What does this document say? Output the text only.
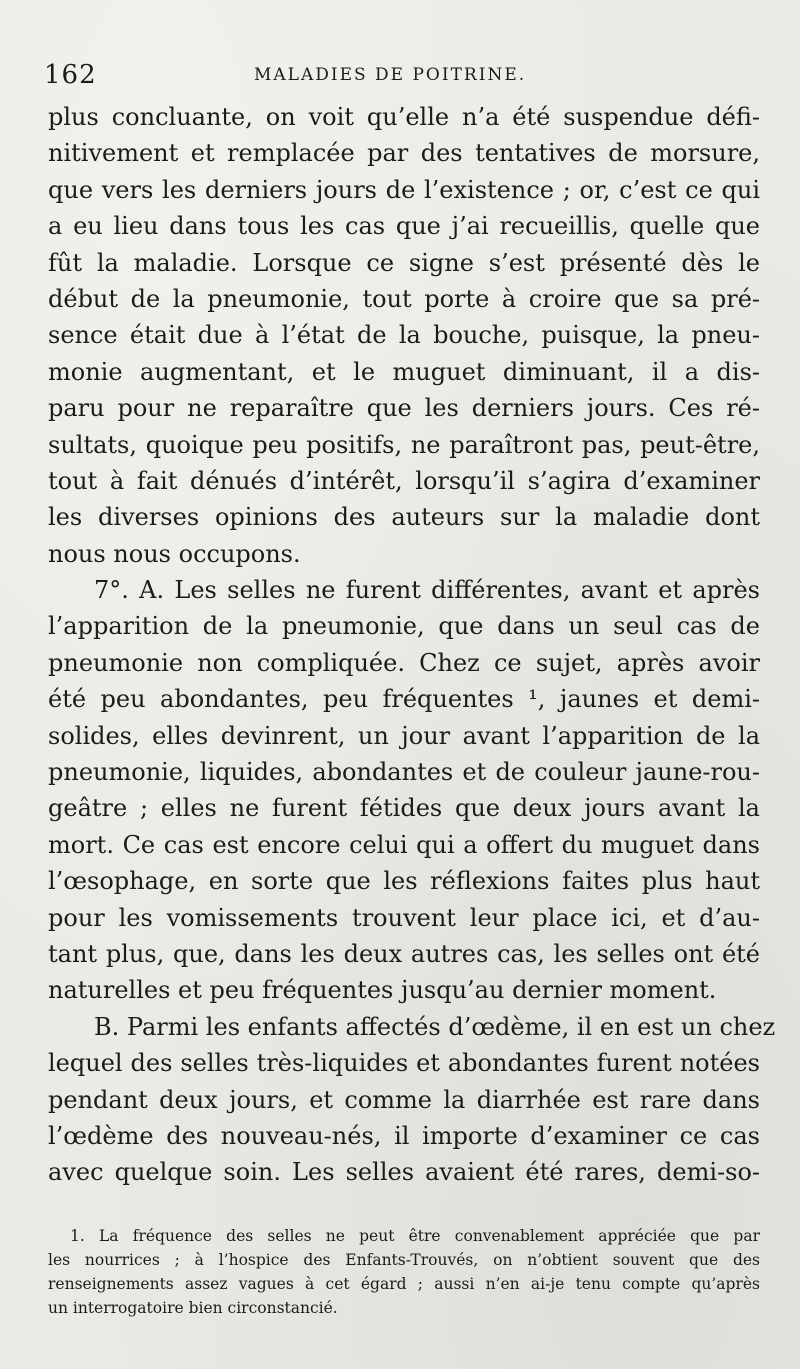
162	MALADIES DE POITRINE.
plus concluante, on voit qu’elle n’a été suspendue défi-
nitivement et remplacée par des tentatives de morsure,
que vers les derniers jours de l’existence ; or, c’est ce qui
a eu lieu dans tous les cas que j’ai recueillis, quelle que
fût la maladie. Lorsque ce signe s’est présenté dès le
début de la pneumonie, tout porte à croire que sa pré-
sence était due à l’état de la bouche, puisque, la pneu-
monie augmentant, et le muguet diminuant, il a dis-
paru pour ne reparaître que les derniers jours. Ces ré-
sultats, quoique peu positifs, ne paraîtront pas, peut-être,
tout à fait dénués d’intérêt, lorsqu’il s’agira d’examiner
les diverses opinions des auteurs sur la maladie dont
nous nous occupons.
7°. A. Les selles ne furent différentes, avant et après
l’apparition de la pneumonie, que dans un seul cas de
pneumonie non compliquée. Chez ce sujet, après avoir
été peu abondantes, peu fréquentes ¹, jaunes et demi-
solides, elles devinrent, un jour avant l’apparition de la
pneumonie, liquides, abondantes et de couleur jaune-rou-
geâtre ; elles ne furent fétides que deux jours avant la
mort. Ce cas est encore celui qui a offert du muguet dans
l’œsophage, en sorte que les réflexions faites plus haut
pour les vomissements trouvent leur place ici, et d’au-
tant plus, que, dans les deux autres cas, les selles ont été
naturelles et peu fréquentes jusqu’au dernier moment.
B. Parmi les enfants affectés d’œdème, il en est un chez
lequel des selles très-liquides et abondantes furent notées
pendant deux jours, et comme la diarrhée est rare dans
l’œdème des nouveau-nés, il importe d’examiner ce cas
avec quelque soin. Les selles avaient été rares, demi-so-
1. La fréquence des selles ne peut être convenablement appréciée que par
les nourrices ; à l’hospice des Enfants-Trouvés, on n’obtient souvent que des
renseignements assez vagues à cet égard ; aussi n’en ai-je tenu compte qu’après
un interrogatoire bien circonstancié.
